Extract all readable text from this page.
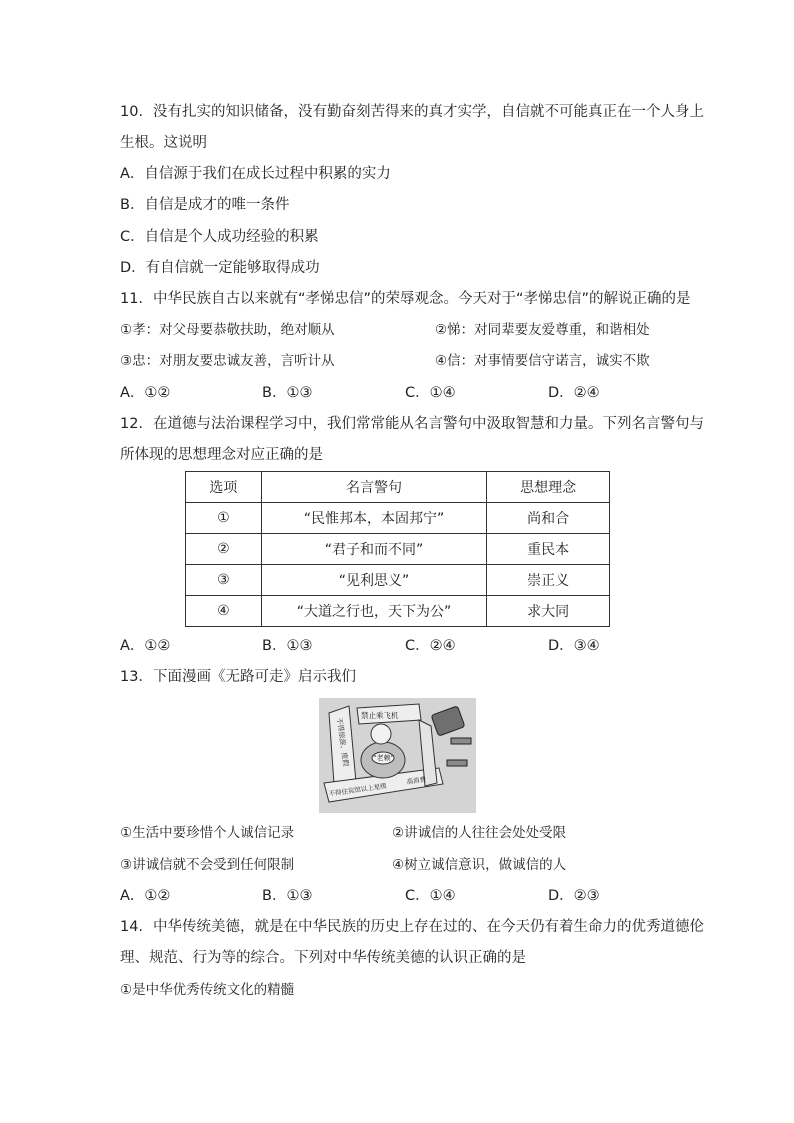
10．没有扎实的知识储备，没有勤奋刻苦得来的真才实学，自信就不可能真正在一个人身上
生根。这说明
A．自信源于我们在成长过程中积累的实力
B．自信是成才的唯一条件
C．自信是个人成功经验的积累
D．有自信就一定能够取得成功
11．中华民族自古以来就有“孝悌忠信”的荣辱观念。今天对于“孝悌忠信”的解说正确的是
①孝：对父母要恭敬扶助，绝对顺从	②悌：对同辈要友爱尊重，和谐相处
③忠：对朋友要忠诚友善，言听计从	④信：对事情要信守诺言，诚实不欺
A．①②	B．①③	C．①④	D．②④
12．在道德与法治课程学习中，我们常常能从名言警句中汲取智慧和力量。下列名言警句与
所体现的思想理念对应正确的是
选项	名言警句	思想理念
①	“民惟邦本，本固邦宁”	尚和合
②	“君子和而不同”	重民本
③	“见利思义”	崇正义
④	“大道之行也，天下为公”	求大同
A．①②	B．①③	C．②④	D．③④
13．下面漫画《无路可走》启示我们
禁止乘飞机
不得旅游、度假
不得住宾馆以上星级
高消费
“老赖”
①生活中要珍惜个人诚信记录	②讲诚信的人往往会处处受限
③讲诚信就不会受到任何限制	④树立诚信意识，做诚信的人
A．①②	B．①③	C．①④	D．②③
14．中华传统美德，就是在中华民族的历史上存在过的、在今天仍有着生命力的优秀道德伦
理、规范、行为等的综合。下列对中华传统美德的认识正确的是
①是中华优秀传统文化的精髓
